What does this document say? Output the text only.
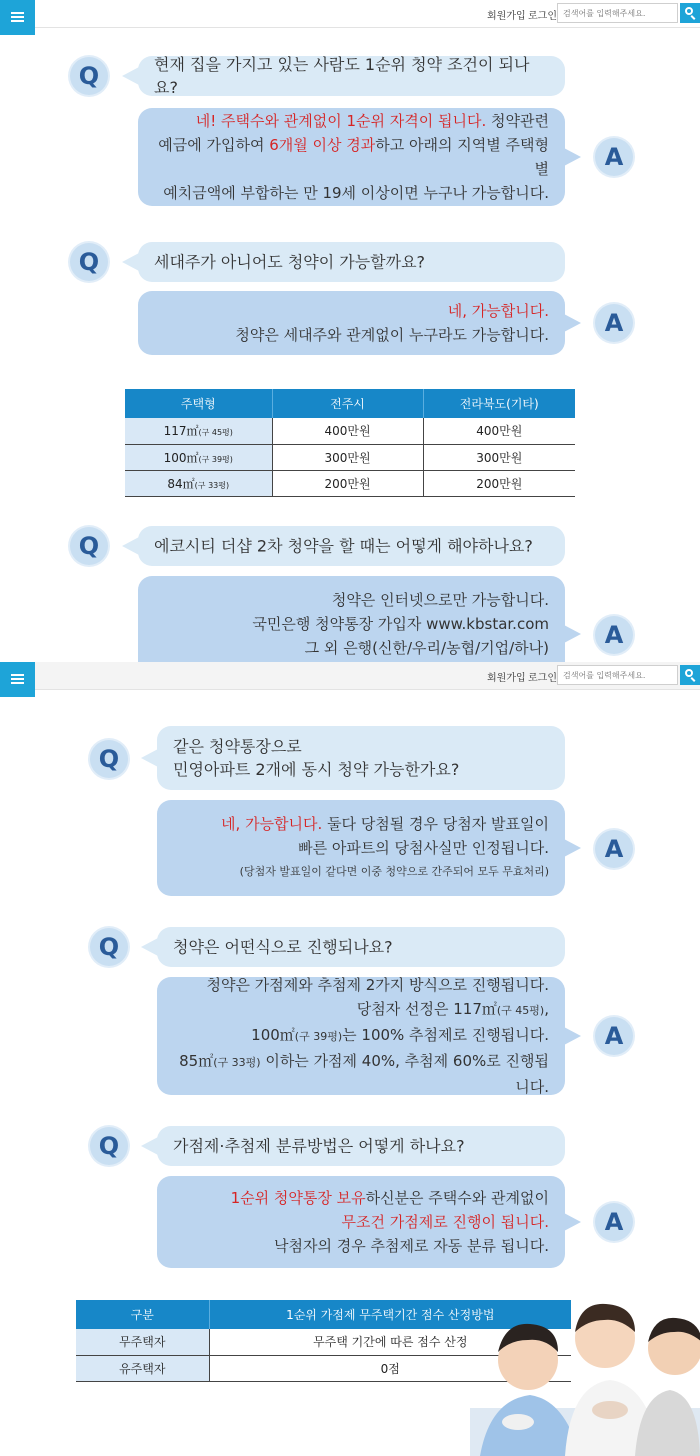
회원가입 로그인
검색어를 입력해주세요.
Q	현재 집을 가지고 있는 사람도 1순위 청약 조건이 되나요?
네! 주택수와 관계없이 1순위 자격이 됩니다. 청약관련
예금에 가입하여 6개월 이상 경과하고 아래의 지역별 주택형별
예치금액에 부합하는 만 19세 이상이면 누구나 가능합니다.
A
Q	세대주가 아니어도 청약이 가능할까요?
네, 가능합니다.
청약은 세대주와 관계없이 누구라도 가능합니다.	A
주택형	전주시	전라북도(기타)
117㎡(구 45평)	400만원	400만원
100㎡(구 39평)	300만원	300만원
84㎡(구 33평)	200만원	200만원
Q	에코시티 더샵 2차 청약을 할 때는 어떻게 해야하나요?
청약은 인터넷으로만 가능합니다.
국민은행 청약통장 가입자 www.kbstar.com
그 외 은행(신한/우리/농협/기업/하나)	A
회원가입 로그인
검색어를 입력해주세요.
Q	같은 청약통장으로
민영아파트 2개에 동시 청약 가능한가요?
네, 가능합니다. 둘다 당첨될 경우 당첨자 발표일이
빠른 아파트의 당첨사실만 인정됩니다.
(당첨자 발표일이 같다면 이중 청약으로 간주되어 모두 무효처리)
A
Q	청약은 어떤식으로 진행되나요?
청약은 가점제와 추첨제 2가지 방식으로 진행됩니다.
당첨자 선정은 117㎡(구 45평),
100㎡(구 39평)는 100% 추첨제로 진행됩니다.
85㎡(구 33평) 이하는 가점제 40%, 추첨제 60%로 진행됩니다.
A
Q	가점제·추첨제 분류방법은 어떻게 하나요?
1순위 청약통장 보유하신분은 주택수와 관계없이
무조건 가점제로 진행이 됩니다.
낙첨자의 경우 추첨제로 자동 분류 됩니다.
A
구분	1순위 가점제 무주택기간 점수 산정방법
무주택자	무주택 기간에 따른 점수 산정
유주택자	0점
